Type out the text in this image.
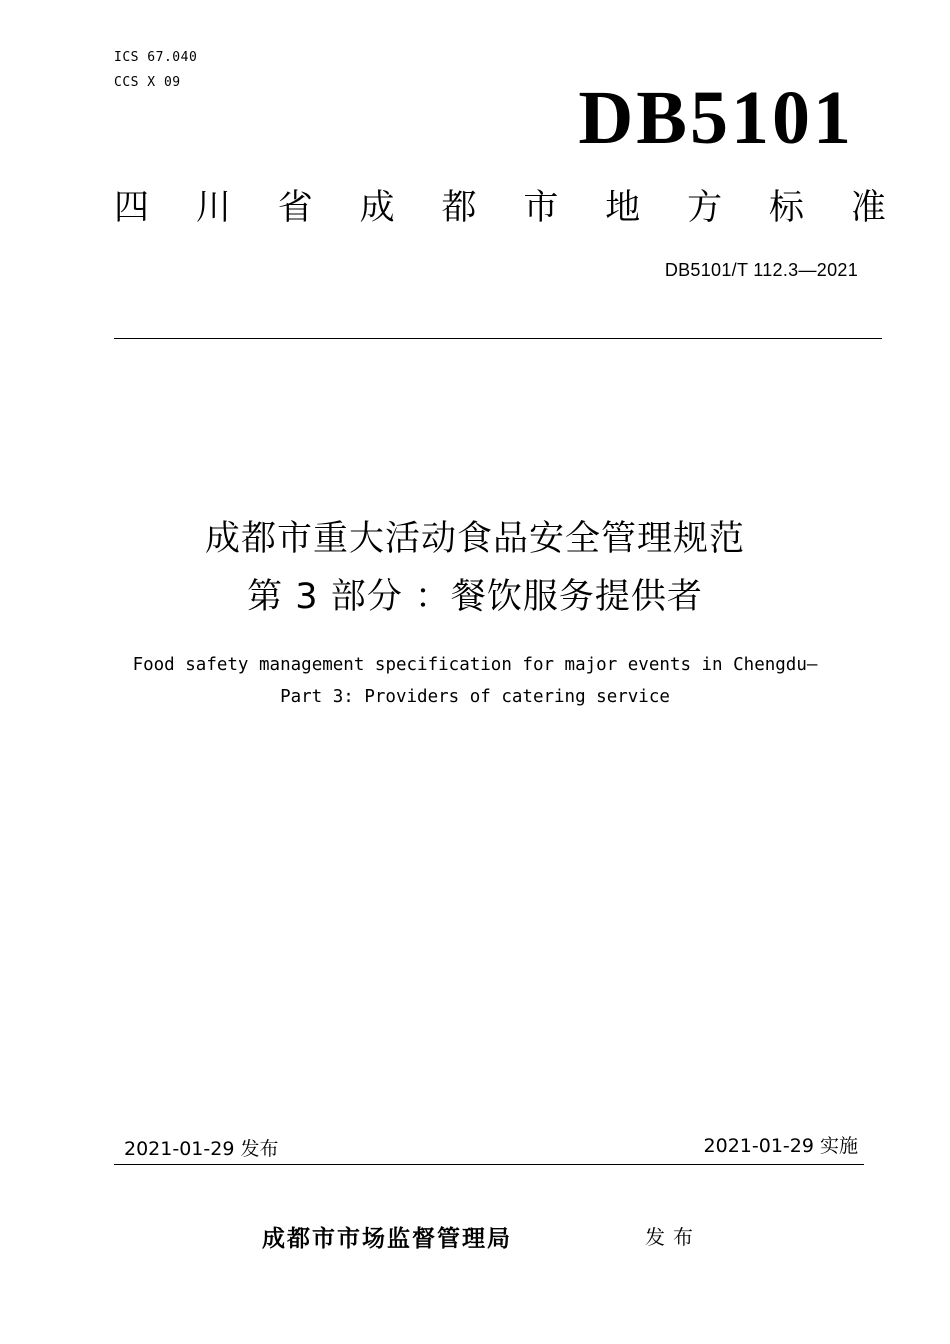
ICS 67.040
CCS X 09	DB5101
四 川 省 成 都 市 地 方 标 准
DB5101/T 112.3—2021
成都市重大活动食品安全管理规范
第 3 部分 ：餐饮服务提供者
Food safety management specification for major events in Chengdu—
Part 3: Providers of catering service
2021-01-29 发布	2021-01-29 实施
成都市市场监督管理局	发布
